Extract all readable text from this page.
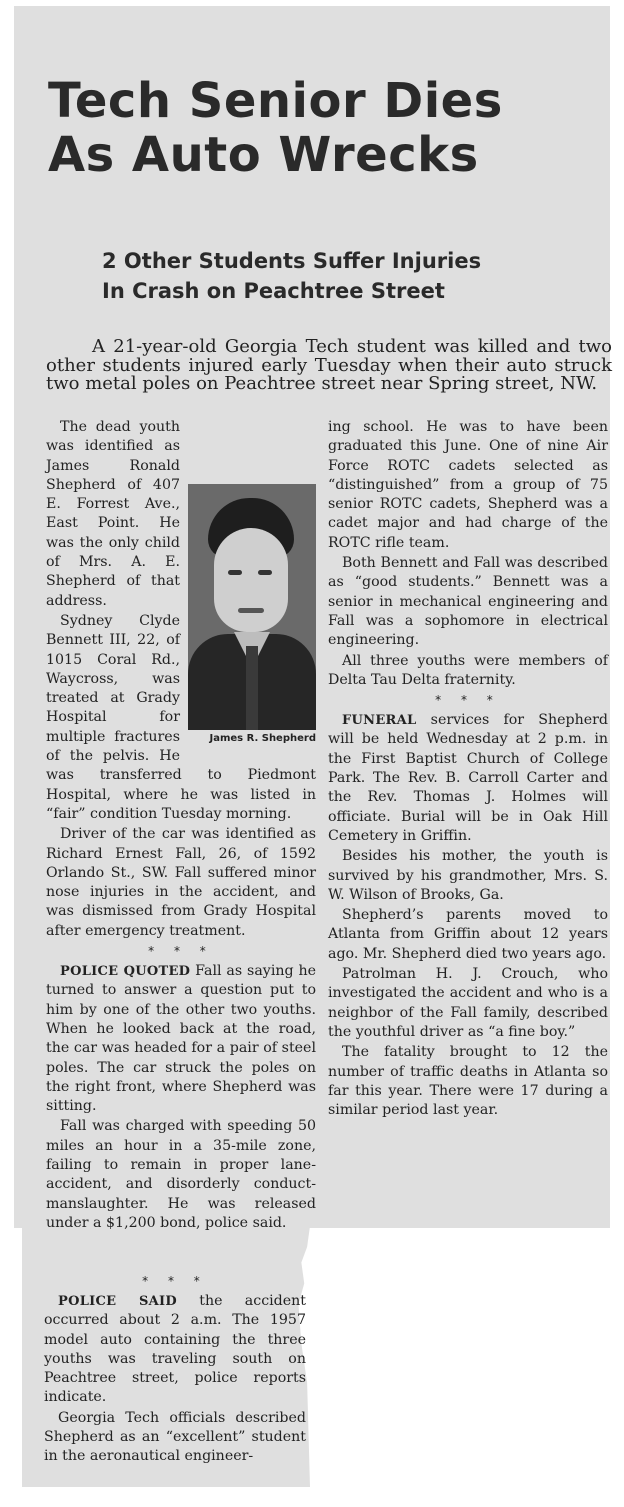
Tech Senior Dies
As Auto Wrecks
2 Other Students Suffer Injuries
In Crash on Peachtree Street

A 21-year-old Georgia Tech student was killed and two other students injured early Tuesday when their auto struck two metal poles on Peachtree street near Spring street, NW.

James R. Shepherd
The dead youth was identified as James Ronald Shepherd of 407 E. Forrest Ave., East Point. He was the only child of Mrs. A. E. Shepherd of that address.

Sydney Clyde Bennett III, 22, of 1015 Coral Rd., Waycross, was treated at Grady Hospital for multiple fractures of the pelvis. He was transferred to Piedmont Hospital, where he was listed in “fair” condition Tuesday morning.

Driver of the car was identified as Richard Ernest Fall, 26, of 1592 Orlando St., SW. Fall suffered minor nose injuries in the accident, and was dismissed from Grady Hospital after emergency treatment.

* * *

POLICE QUOTED Fall as saying he turned to answer a question put to him by one of the other two youths. When he looked back at the road, the car was headed for a pair of steel poles. The car struck the poles on the right front, where Shepherd was sitting.

Fall was charged with speeding 50 miles an hour in a 35-mile zone, failing to remain in proper lane-accident, and disorderly conduct-manslaughter. He was released under a $1,200 bond, police said.

* * *

POLICE SAID the accident occurred about 2 a.m. The 1957 model auto containing the three youths was traveling south on Peachtree street, police reports indicate.

Georgia Tech officials described Shepherd as an “excellent” student in the aeronautical engineer-

ing school. He was to have been graduated this June. One of nine Air Force ROTC cadets selected as “distinguished” from a group of 75 senior ROTC cadets, Shepherd was a cadet major and had charge of the ROTC rifle team.

Both Bennett and Fall was described as “good students.” Bennett was a senior in mechanical engineering and Fall was a sophomore in electrical engineering.

All three youths were members of Delta Tau Delta fraternity.

* * *

FUNERAL services for Shepherd will be held Wednesday at 2 p.m. in the First Baptist Church of College Park. The Rev. B. Carroll Carter and the Rev. Thomas J. Holmes will officiate. Burial will be in Oak Hill Cemetery in Griffin.

Besides his mother, the youth is survived by his grandmother, Mrs. S. W. Wilson of Brooks, Ga.

Shepherd’s parents moved to Atlanta from Griffin about 12 years ago. Mr. Shepherd died two years ago.

Patrolman H. J. Crouch, who investigated the accident and who is a neighbor of the Fall family, described the youthful driver as “a fine boy.”

The fatality brought to 12 the number of traffic deaths in Atlanta so far this year. There were 17 during a similar period last year.
